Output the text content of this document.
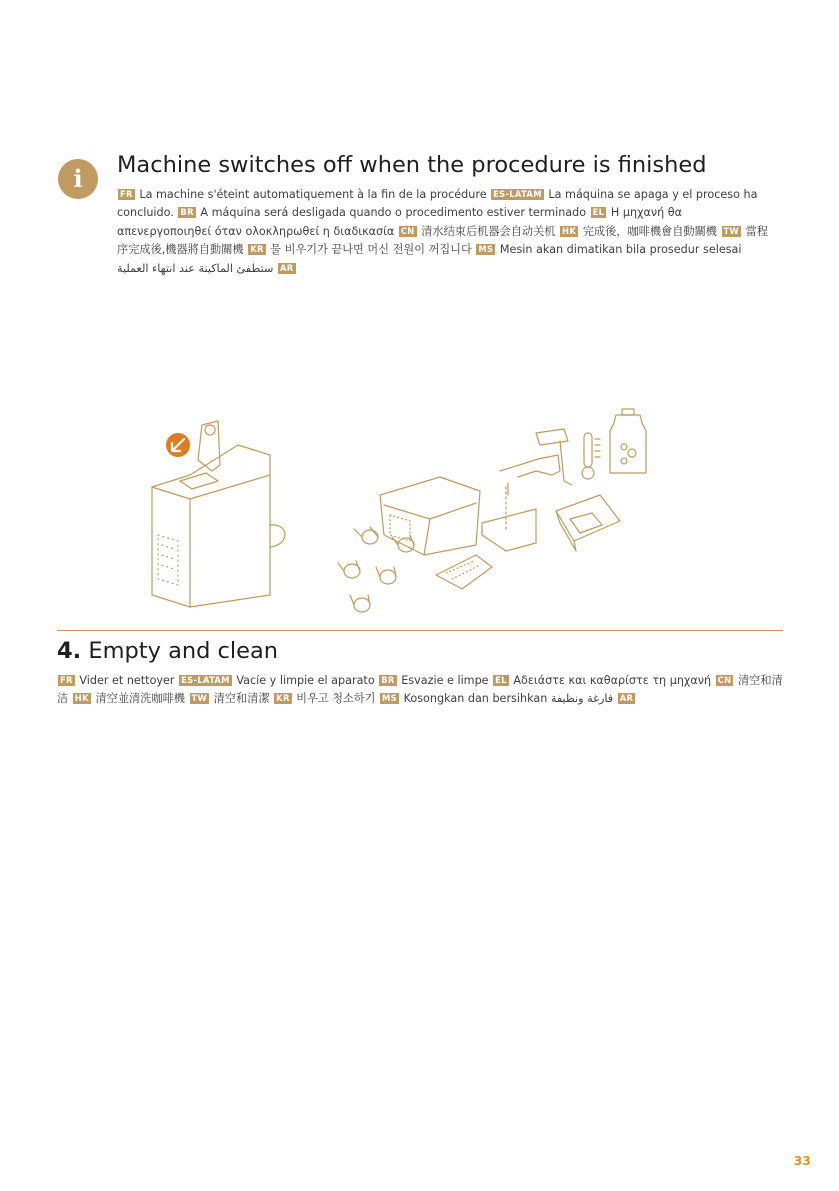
i	Machine switches off when the procedure is finished
FR La machine s'éteint automatiquement à la fin de la procédure ES-LATAM La máquina se apaga y el proceso ha concluido. BR A máquina será desligada quando o procedimento estiver terminado EL Η μηχανή θα απενεργοποιηθεί όταν ολοκληρωθεί η διαδικασία CN 清水结束后机器会自动关机 HK 完成後，咖啡機會自動關機 TW 當程序完成後,機器將自動關機 KR 물 비우기가 끝나면 머신 전원이 꺼집니다 MS Mesin akan dimatikan bila prosedur selesai ستطفئ الماكينة عند انتهاء العملية AR
4. Empty and clean
FR Vider et nettoyer ES-LATAM Vacíe y limpie el aparato BR Esvazie e limpe EL Αδειάστε και καθαρίστε τη μηχανή CN 清空和清洁 HK 清空並清洗咖啡機 TW 清空和清潔 KR 비우고 청소하기 MS Kosongkan dan bersihkan فارغة ونظيفة AR
33
